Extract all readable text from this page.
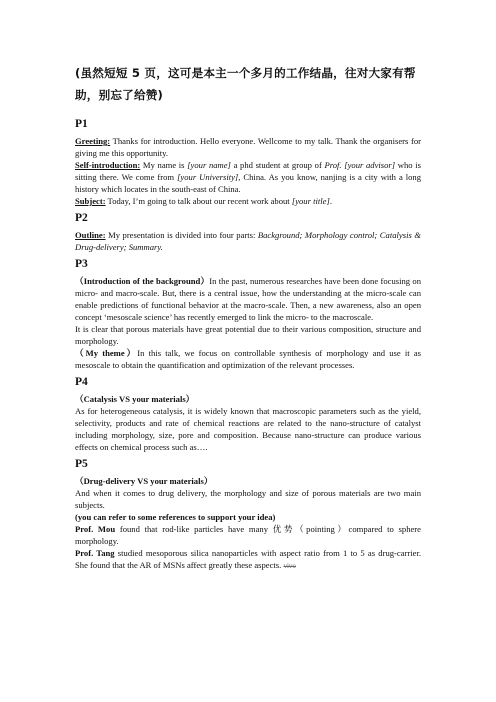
(虽然短短 5 页，这可是本主一个多月的工作结晶，往对大家有帮助，别忘了给赞)

P1

Greeting: Thanks for introduction. Hello everyone. Wellcome to my talk. Thank the organisers for giving me this opportunity.

Self-introduction: My name is [your name] a phd student at group of Prof. [your advisor] who is sitting there. We come from [your University], China. As you know, nanjing is a city with a long history which locates in the south-east of China.

Subject: Today, I’m going to talk about our recent work about [your title].

P2

Outline: My presentation is divided into four parts: Background; Morphology control; Catalysis & Drug-delivery; Summary.

P3

（Introduction of the background）In the past, numerous researches have been done focusing on micro- and macro-scale. But, there is a central issue, how the understanding at the micro-scale can enable predictions of functional behavior at the macro-scale. Then, a new awareness, also an open concept ‘mesoscale science’ has recently emerged to link the micro- to the macroscale.

It is clear that porous materials have great potential due to their various composition, structure and morphology.

（My theme）In this talk, we focus on controllable synthesis of morphology and use it as mesoscale to obtain the quantification and optimization of the relevant processes.

P4

（Catalysis VS your materials）

As for heterogeneous catalysis, it is widely known that macroscopic parameters such as the yield, selectivity, products and rate of chemical reactions are related to the nano-structure of catalyst including morphology, size, pore and composition. Because nano-structure can produce various effects on chemical process such as….

P5

（Drug-delivery VS your materials）

And when it comes to drug delivery, the morphology and size of porous materials are two main subjects.

(you can refer to some references to support your idea)

Prof. Mou found that rod-like particles have many 优势（pointing）compared to sphere morphology.

Prof. Tang studied mesoporous silica nanoparticles with aspect ratio from 1 to 5 as drug-carrier. She found that the AR of MSNs affect greatly these aspects. vivo
